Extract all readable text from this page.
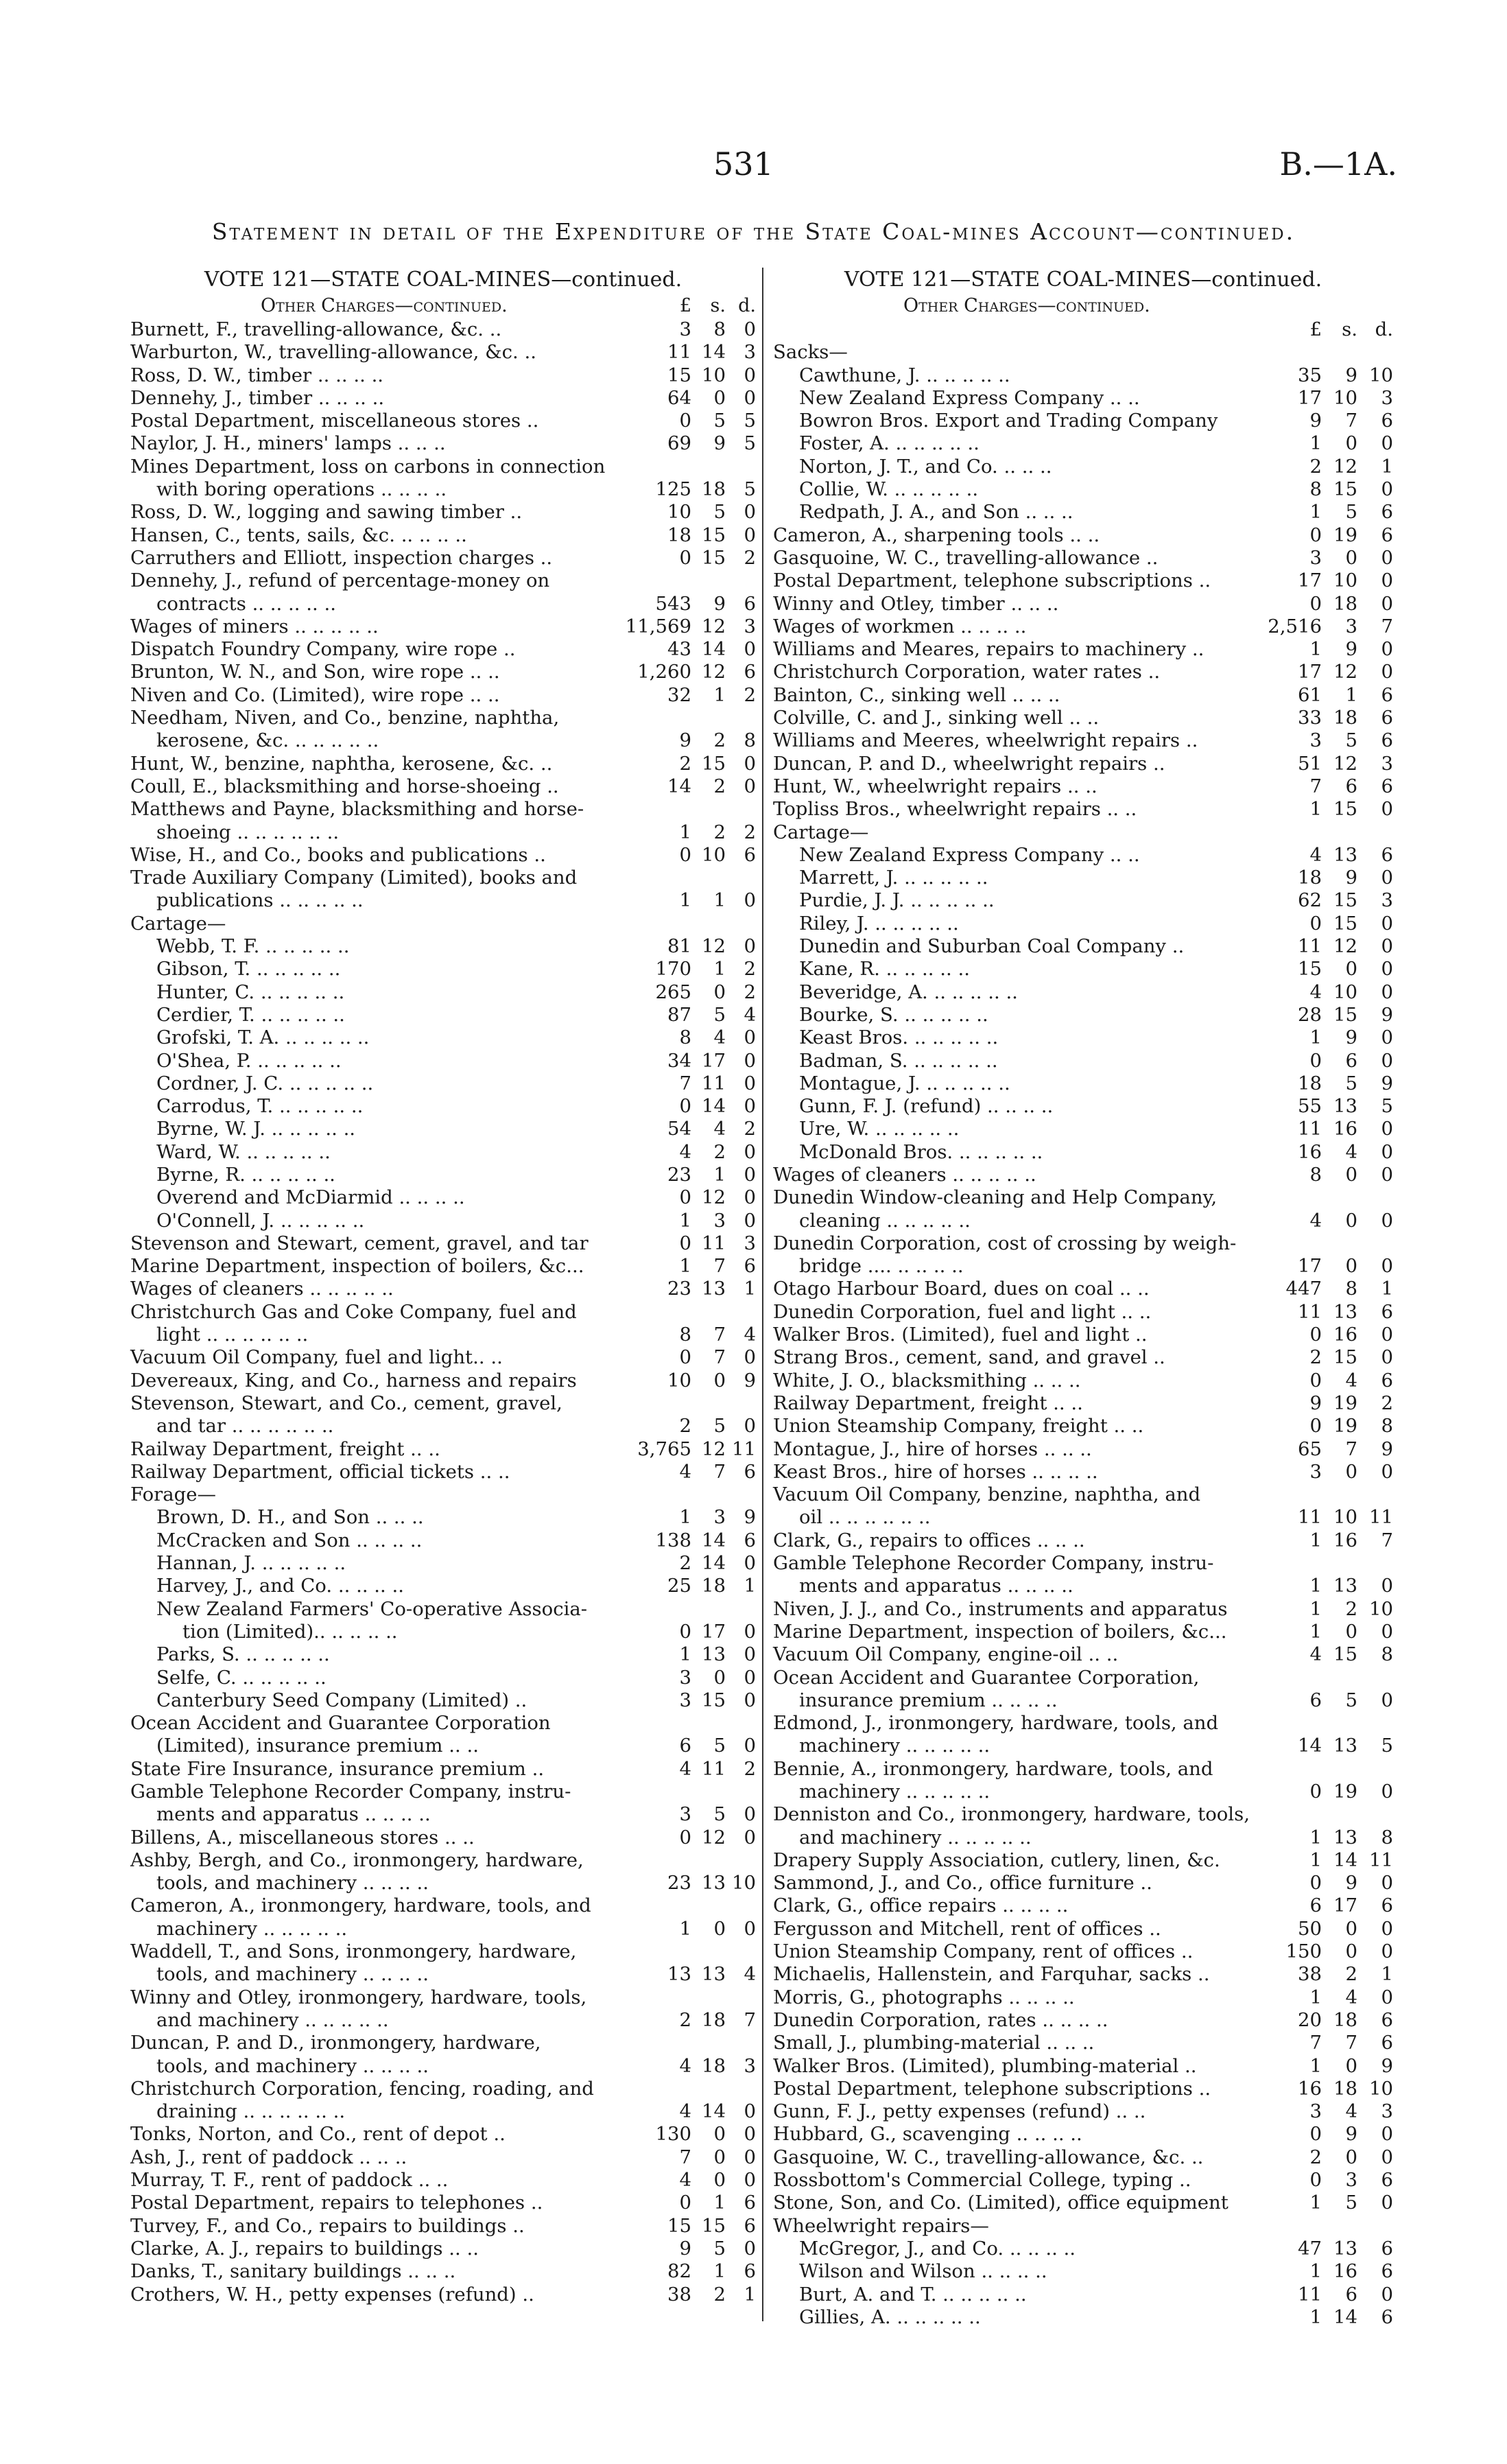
531	B.—1A.
Statement in detail of the Expenditure of the State Coal-mines Account—continued.
VOTE 121—STATE COAL-MINES—continued.
Other Charges—continued.	£	s. d.
Burnett, F., travelling-allowance, &c. ..	3	8 0
Warburton, W., travelling-allowance, &c. ..	11 14 3
Ross, D. W., timber .. .. .. ..	15 10 0
Dennehy, J., timber .. .. .. ..	64	0 0
Postal Department, miscellaneous stores ..	0	5 5
Naylor, J. H., miners' lamps .. .. ..	69	9 5
Mines Department, loss on carbons in connection
with boring operations .. .. .. ..	125 18 5
Ross, D. W., logging and sawing timber ..	10	5 0
Hansen, C., tents, sails, &c. .. .. .. ..	18 15 0
Carruthers and Elliott, inspection charges ..	0 15 2
Dennehy, J., refund of percentage-money on
contracts .. .. .. .. ..	543	9 6
Wages of miners .. .. .. .. ..	11,569 12 3
Dispatch Foundry Company, wire rope ..	43 14 0
Brunton, W. N., and Son, wire rope .. ..	1,260 12 6
Niven and Co. (Limited), wire rope .. ..	32	1 2
Needham, Niven, and Co., benzine, naphtha,
kerosene, &c. .. .. .. .. ..	9	2 8
Hunt, W., benzine, naphtha, kerosene, &c. ..	2 15 0
Coull, E., blacksmithing and horse-shoeing ..	14	2 0
Matthews and Payne, blacksmithing and horse-
shoeing .. .. .. .. .. ..	1	2 2
Wise, H., and Co., books and publications ..	0 10 6
Trade Auxiliary Company (Limited), books and
publications .. .. .. .. ..	1	1 0
Cartage—
Webb, T. F. .. .. .. .. ..	81 12 0
Gibson, T. .. .. .. .. ..	170	1 2
Hunter, C. .. .. .. .. ..	265	0 2
Cerdier, T. .. .. .. .. ..	87	5 4
Grofski, T. A. .. .. .. .. ..	8	4 0
O'Shea, P. .. .. .. .. ..	34 17 0
Cordner, J. C. .. .. .. .. ..	7 11 0
Carrodus, T. .. .. .. .. ..	0 14 0
Byrne, W. J. .. .. .. .. ..	54	4 2
Ward, W. .. .. .. .. ..	4	2 0
Byrne, R. .. .. .. .. ..	23	1 0
Overend and McDiarmid .. .. .. ..	0 12 0
O'Connell, J. .. .. .. .. ..	1	3 0
Stevenson and Stewart, cement, gravel, and tar	0 11 3
Marine Department, inspection of boilers, &c...	1	7 6
Wages of cleaners .. .. .. .. ..	23 13 1
Christchurch Gas and Coke Company, fuel and
light .. .. .. .. .. ..	8	7 4
Vacuum Oil Company, fuel and light.. ..	0	7 0
Devereaux, King, and Co., harness and repairs	10	0 9
Stevenson, Stewart, and Co., cement, gravel,
and tar .. .. .. .. .. ..	2	5 0
Railway Department, freight .. ..	3,765 12 11
Railway Department, official tickets .. ..	4	7 6
Forage—
Brown, D. H., and Son .. .. ..	1	3 9
McCracken and Son .. .. .. ..	138 14 6
Hannan, J. .. .. .. .. ..	2 14 0
Harvey, J., and Co. .. .. .. ..	25 18 1
New Zealand Farmers' Co-operative Associa-
tion (Limited).. .. .. .. ..	0 17 0
Parks, S. .. .. .. .. ..	1 13 0
Selfe, C. .. .. .. .. ..	3	0 0
Canterbury Seed Company (Limited) ..	3 15 0
Ocean Accident and Guarantee Corporation
(Limited), insurance premium .. ..	6	5 0
State Fire Insurance, insurance premium ..	4 11 2
Gamble Telephone Recorder Company, instru-
ments and apparatus .. .. .. ..	3	5 0
Billens, A., miscellaneous stores .. ..	0 12 0
Ashby, Bergh, and Co., ironmongery, hardware,
tools, and machinery .. .. .. ..	23 13 10
Cameron, A., ironmongery, hardware, tools, and
machinery .. .. .. .. ..	1	0 0
Waddell, T., and Sons, ironmongery, hardware,
tools, and machinery .. .. .. ..	13 13 4
Winny and Otley, ironmongery, hardware, tools,
and machinery .. .. .. .. ..	2 18 7
Duncan, P. and D., ironmongery, hardware,
tools, and machinery .. .. .. ..	4 18 3
Christchurch Corporation, fencing, roading, and
draining .. .. .. .. .. ..	4 14 0
Tonks, Norton, and Co., rent of depot ..	130	0 0
Ash, J., rent of paddock .. .. ..	7	0 0
Murray, T. F., rent of paddock .. ..	4	0 0
Postal Department, repairs to telephones ..	0	1 6
Turvey, F., and Co., repairs to buildings ..	15 15 6
Clarke, A. J., repairs to buildings .. ..	9	5 0
Danks, T., sanitary buildings .. .. ..	82	1 6
Crothers, W. H., petty expenses (refund) ..	38	2 1
VOTE 121—STATE COAL-MINES—continued.
Other Charges—continued.
£	s. d.
Sacks—
Cawthune, J. .. .. .. .. ..	35	9 10
New Zealand Express Company .. ..	17 10	3
Bowron Bros. Export and Trading Company	9	7	6
Foster, A. .. .. .. .. ..	1	0	0
Norton, J. T., and Co. .. .. ..	2 12	1
Collie, W. .. .. .. .. ..	8 15	0
Redpath, J. A., and Son .. .. ..	1	5	6
Cameron, A., sharpening tools .. ..	0 19	6
Gasquoine, W. C., travelling-allowance ..	3	0	0
Postal Department, telephone subscriptions ..	17 10	0
Winny and Otley, timber .. .. ..	0 18	0
Wages of workmen .. .. .. ..	2,516	3	7
Williams and Meares, repairs to machinery ..	1	9	0
Christchurch Corporation, water rates ..	17 12	0
Bainton, C., sinking well .. .. ..	61	1	6
Colville, C. and J., sinking well .. ..	33 18	6
Williams and Meeres, wheelwright repairs ..	3	5	6
Duncan, P. and D., wheelwright repairs ..	51 12	3
Hunt, W., wheelwright repairs .. ..	7	6	6
Topliss Bros., wheelwright repairs .. ..	1 15	0
Cartage—
New Zealand Express Company .. ..	4 13	6
Marrett, J. .. .. .. .. ..	18	9	0
Purdie, J. J. .. .. .. .. ..	62 15	3
Riley, J. .. .. .. .. ..	0 15	0
Dunedin and Suburban Coal Company ..	11 12	0
Kane, R. .. .. .. .. ..	15	0	0
Beveridge, A. .. .. .. .. ..	4 10	0
Bourke, S. .. .. .. .. ..	28 15	9
Keast Bros. .. .. .. .. ..	1	9	0
Badman, S. .. .. .. .. ..	0	6	0
Montague, J. .. .. .. .. ..	18	5	9
Gunn, F. J. (refund) .. .. .. ..	55 13	5
Ure, W. .. .. .. .. ..	11 16	0
McDonald Bros. .. .. .. .. ..	16	4	0
Wages of cleaners .. .. .. .. ..	8	0	0
Dunedin Window-cleaning and Help Company,
cleaning .. .. .. .. ..	4	0	0
Dunedin Corporation, cost of crossing by weigh-
bridge .... .. .. .. ..	17	0	0
Otago Harbour Board, dues on coal .. ..	447	8	1
Dunedin Corporation, fuel and light .. ..	11 13	6
Walker Bros. (Limited), fuel and light ..	0 16	0
Strang Bros., cement, sand, and gravel ..	2 15	0
White, J. O., blacksmithing .. .. ..	0	4	6
Railway Department, freight .. ..	9 19	2
Union Steamship Company, freight .. ..	0 19	8
Montague, J., hire of horses .. .. ..	65	7	9
Keast Bros., hire of horses .. .. .. ..	3	0	0
Vacuum Oil Company, benzine, naphtha, and
oil .. .. .. .. .. ..	11 10 11
Clark, G., repairs to offices .. .. ..	1 16	7
Gamble Telephone Recorder Company, instru-
ments and apparatus .. .. .. ..	1 13	0
Niven, J. J., and Co., instruments and apparatus	1	2 10
Marine Department, inspection of boilers, &c...	1	0	0
Vacuum Oil Company, engine-oil .. ..	4 15	8
Ocean Accident and Guarantee Corporation,
insurance premium .. .. .. ..	6	5	0
Edmond, J., ironmongery, hardware, tools, and
machinery .. .. .. .. ..	14 13	5
Bennie, A., ironmongery, hardware, tools, and
machinery .. .. .. .. ..	0 19	0
Denniston and Co., ironmongery, hardware, tools,
and machinery .. .. .. .. ..	1 13	8
Drapery Supply Association, cutlery, linen, &c.	1 14 11
Sammond, J., and Co., office furniture ..	0	9	0
Clark, G., office repairs .. .. .. ..	6 17	6
Fergusson and Mitchell, rent of offices ..	50	0	0
Union Steamship Company, rent of offices ..	150	0	0
Michaelis, Hallenstein, and Farquhar, sacks ..	38	2	1
Morris, G., photographs .. .. .. ..	1	4	0
Dunedin Corporation, rates .. .. .. ..	20 18	6
Small, J., plumbing-material .. .. ..	7	7	6
Walker Bros. (Limited), plumbing-material ..	1	0	9
Postal Department, telephone subscriptions ..	16 18 10
Gunn, F. J., petty expenses (refund) .. ..	3	4	3
Hubbard, G., scavenging .. .. .. ..	0	9	0
Gasquoine, W. C., travelling-allowance, &c. ..	2	0	0
Rossbottom's Commercial College, typing ..	0	3	6
Stone, Son, and Co. (Limited), office equipment	1	5	0
Wheelwright repairs—
McGregor, J., and Co. .. .. .. ..	47 13	6
Wilson and Wilson .. .. .. ..	1 16	6
Burt, A. and T. .. .. .. .. ..	11	6	0
Gillies, A. .. .. .. .. ..	1 14	6
